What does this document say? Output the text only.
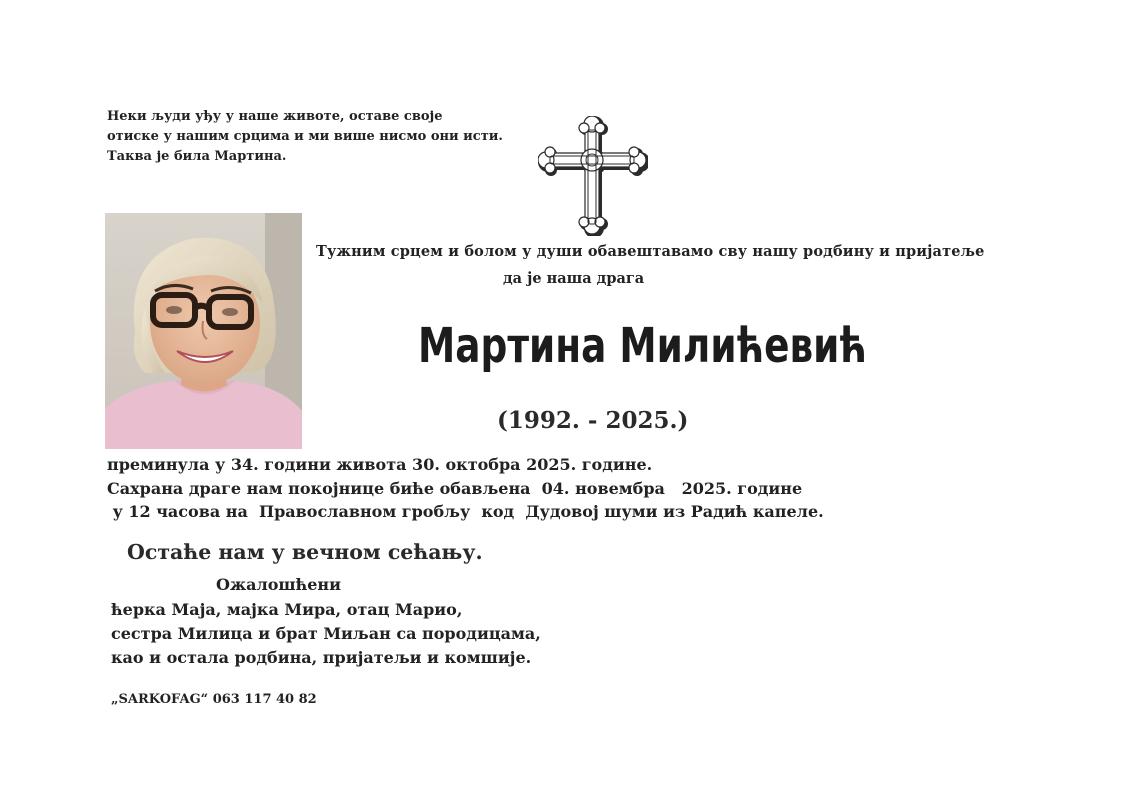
Неки људи уђу у наше животе, оставе своје
отиске у нашим срцима и ми више нисмо они исти.
Таква је била Мартина.
Тужним срцем и болом у души обавештавамо сву нашу родбину и пријатеље
да је наша драга
Мартина Милићевић
(1992. - 2025.)
преминула у 34. години живота 30. октобра 2025. године.
Сахрана драге нам покојнице биће обављена  04. новембра   2025. године
у 12 часова на  Православном гробљу  код  Дудовој шуми из Радић капеле.
Остаће нам у вечном сећању.
Ожалошћени
ћерка Маја, мајка Мира, отац Марио,
сестра Милица и брат Миљан са породицама,
као и остала родбина, пријатељи и комшије.
„SARKOFAG“ 063 117 40 82
